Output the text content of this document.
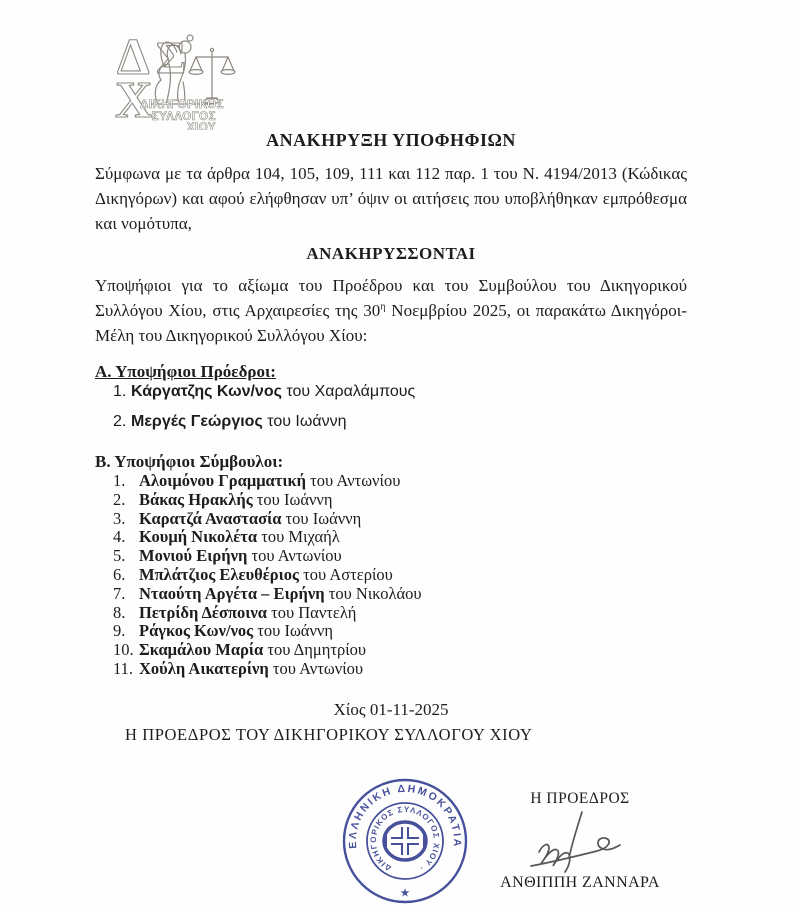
Δ Σ
Χ
ΔΙΚΗΓΟΡΙΚΟΣ
ΣΥΛΛΟΓΟΣ
ΧΙΟΥ
ΑΝΑΚΗΡΥΞΗ ΥΠΟΦΗΦΙΩΝ

Σύμφωνα με τα άρθρα 104, 105, 109, 111 και 112 παρ. 1 του Ν. 4194/2013 (Κώδικας Δικηγόρων) και αφού ελήφθησαν υπ’ όψιν οι αιτήσεις που υποβλήθηκαν εμπρόθεσμα και νομότυπα,

ΑΝΑΚΗΡΥΣΣΟΝΤΑΙ

Υποψήφιοι για το αξίωμα του Προέδρου και του Συμβούλου του Δικηγορικού Συλλόγου Χίου, στις Αρχαιρεσίες της $30^\eta$ Νοεμβρίου 2025, οι παρακάτω Δικηγόροι-Μέλη του Δικηγορικού Συλλόγου Χίου:

Α. Υποψήφιοι Πρόεδροι:
1. Κάργατζης Κων/νος του Χαραλάμπους
2. Μεργές Γεώργιος του Ιωάννη
Β. Υποψήφιοι Σύμβουλοι:
1. Αλοιμόνου Γραμματική του Αντωνίου
2. Βάκας Ηρακλής του Ιωάννη
3. Καρατζά Αναστασία του Ιωάννη
4. Κουμή Νικολέτα του Μιχαήλ
5. Μονιού Ειρήνη του Αντωνίου
6. Μπλάτζιος Ελευθέριος του Αστερίου
7. Νταούτη Αργέτα – Ειρήνη του Νικολάου
8. Πετρίδη Δέσποινα του Παντελή
9. Ράγκος Κων/νος του Ιωάννη
10. Σκαμάλου Μαρία του Δημητρίου
11. Χούλη Αικατερίνη του Αντωνίου
Χίος 01-11-2025
Η ΠΡΟΕΔΡΟΣ ΤΟΥ ΔΙΚΗΓΟΡΙΚΟΥ ΣΥΛΛΟΓΟΥ ΧΙΟΥ
ΕΛΛΗΝΙΚΗ ΔΗΜΟΚΡΑΤΙΑ
ΔΙΚΗΓΟΡΙΚΟΣ ΣΥΛΛΟΓΟΣ ΧΙΟΥ ·
★
Η ΠΡΟΕΔΡΟΣ
ΑΝΘΙΠΠΗ ΖΑΝΝΑΡΑ
